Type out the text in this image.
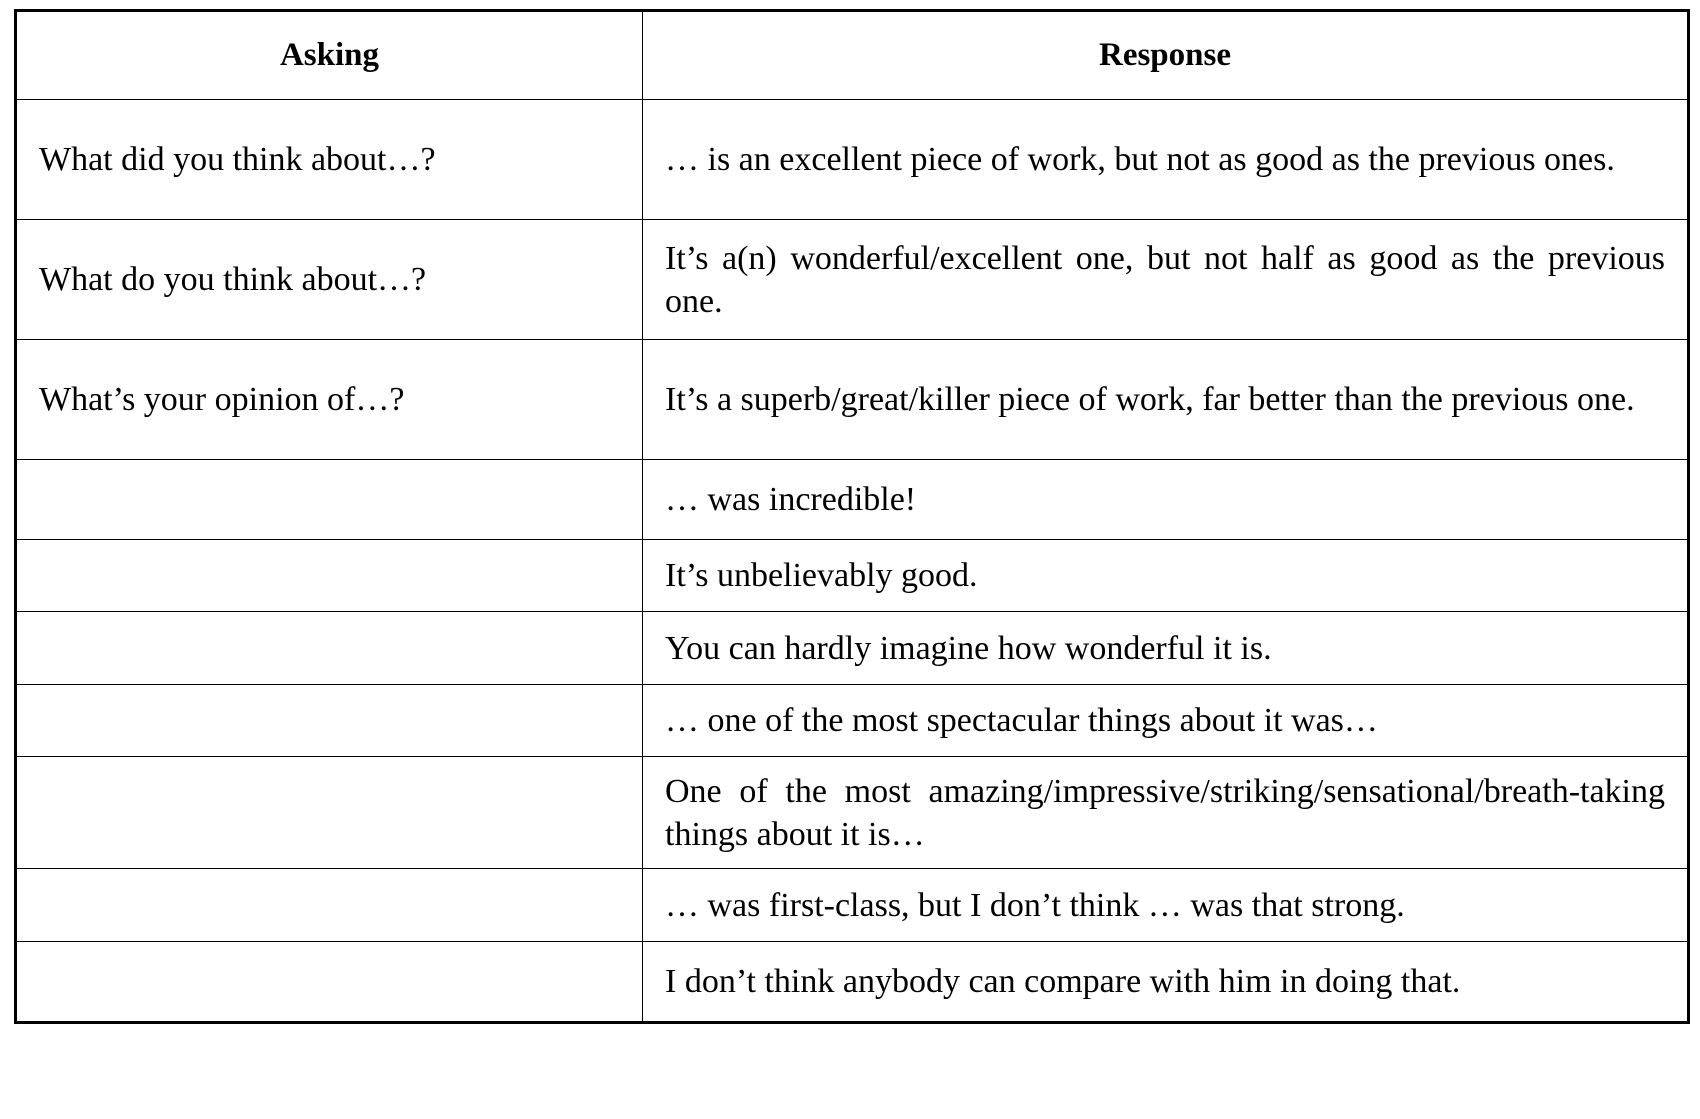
Asking	Response
What did you think about…?	… is an excellent piece of work, but not as good as the previous ones.
What do you think about…?	It’s a(n) wonderful/excellent one, but not half as good as the previous one.
What’s your opinion of…?	It’s a superb/great/killer piece of work, far better than the previous one.
	… was incredible!
	It’s unbelievably good.
	You can hardly imagine how wonderful it is.
	… one of the most spectacular things about it was…
	One of the most amazing/impressive/striking/sensational/breath-taking things about it is…
	… was first-class, but I don’t think … was that strong.
	I don’t think anybody can compare with him in doing that.
